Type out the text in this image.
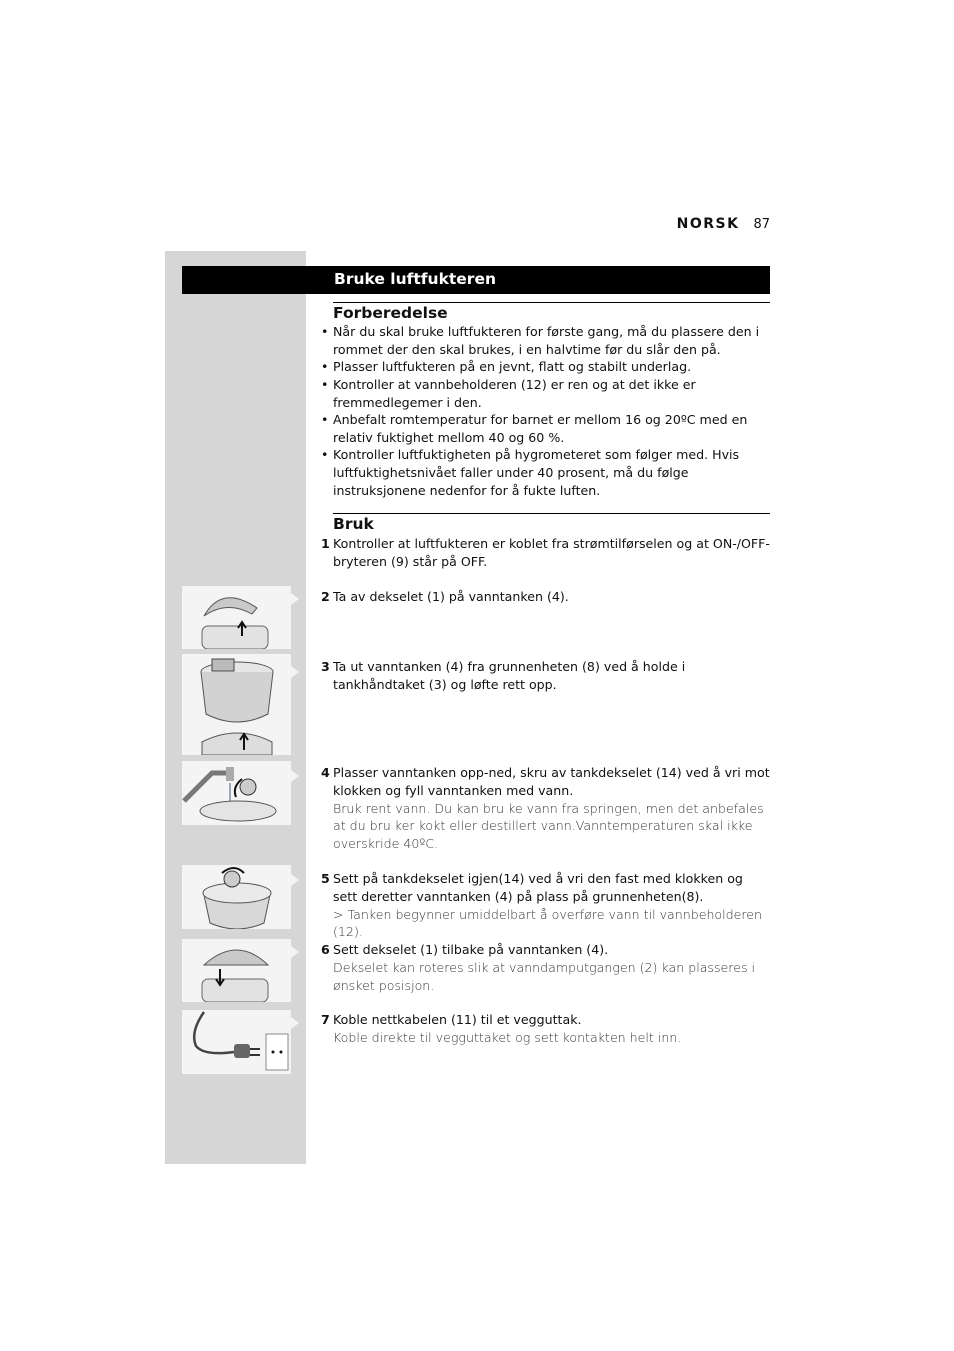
NORSK 87
Bruke luftfukteren
Forberedelse
• Når du skal bruke luftfukteren for første gang, må du plassere den i rommet der den skal brukes, i en halvtime før du slår den på.
• Plasser luftfukteren på en jevnt, flatt og stabilt underlag.
• Kontroller at vannbeholderen (12) er ren og at det ikke er fremmedlegemer i den.
• Anbefalt romtemperatur for barnet er mellom 16 og 20ºC med en relativ fuktighet mellom 40 og 60 %.
• Kontroller luftfuktigheten på hygrometeret som følger med. Hvis luftfuktighetsnivået faller under 40 prosent, må du følge instruksjonene nedenfor for å fukte luften.
Bruk
1 Kontroller at luftfukteren er koblet fra strømtilførselen og at ON-/OFF-bryteren (9) står på OFF.
2 Ta av dekselet (1) på vanntanken (4).
3 Ta ut vanntanken (4) fra grunnenheten (8) ved å holde i tankhåndtaket (3) og løfte rett opp.
4 Plasser vanntanken opp-ned, skru av tankdekselet (14) ved å vri mot klokken og fyll vanntanken med vann.
Bruk rent vann. Du kan bru ke vann fra springen, men det anbefales at du bru ker kokt eller destillert vann.Vanntemperaturen skal ikke overskride 40ºC.
5 Sett på tankdekselet igjen(14) ved å vri den fast med klokken og sett deretter vanntanken (4) på plass på grunnenheten(8).
> Tanken begynner umiddelbart å overføre vann til vannbeholderen (12).
6 Sett dekselet (1) tilbake på vanntanken (4).
Dekselet kan roteres slik at vanndamputgangen (2) kan plasseres i ønsket posisjon.
7 Koble nettkabelen (11) til et vegguttak.
Koble direkte til vegguttaket og sett kontakten helt inn.
